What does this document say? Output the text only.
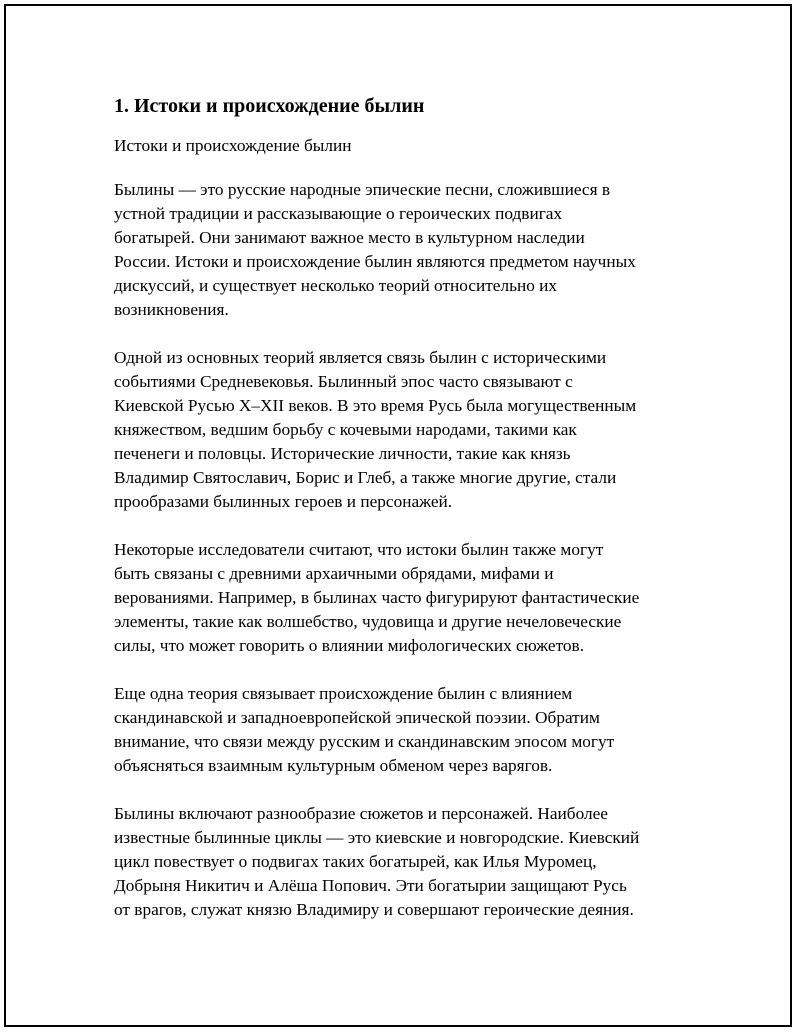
1. Истоки и происхождение былин
Истоки и происхождение былин
Былины — это русские народные эпические песни, сложившиеся в
устной традиции и рассказывающие о героических подвигах
богатырей. Они занимают важное место в культурном наследии
России. Истоки и происхождение былин являются предметом научных
дискуссий, и существует несколько теорий относительно их
возникновения.
Одной из основных теорий является связь былин с историческими
событиями Средневековья. Былинный эпос часто связывают с
Киевской Русью X–XII веков. В это время Русь была могущественным
княжеством, ведшим борьбу с кочевыми народами, такими как
печенеги и половцы. Исторические личности, такие как князь
Владимир Святославич, Борис и Глеб, а также многие другие, стали
прообразами былинных героев и персонажей.
Некоторые исследователи считают, что истоки былин также могут
быть связаны с древними архаичными обрядами, мифами и
верованиями. Например, в былинах часто фигурируют фантастические
элементы, такие как волшебство, чудовища и другие нечеловеческие
силы, что может говорить о влиянии мифологических сюжетов.
Еще одна теория связывает происхождение былин с влиянием
скандинавской и западноевропейской эпической поэзии. Обратим
внимание, что связи между русским и скандинавским эпосом могут
объясняться взаимным культурным обменом через варягов.
Былины включают разнообразие сюжетов и персонажей. Наиболее
известные былинные циклы — это киевские и новгородские. Киевский
цикл повествует о подвигах таких богатырей, как Илья Муромец,
Добрыня Никитич и Алёша Попович. Эти богатырии защищают Русь
от врагов, служат князю Владимиру и совершают героические деяния.
